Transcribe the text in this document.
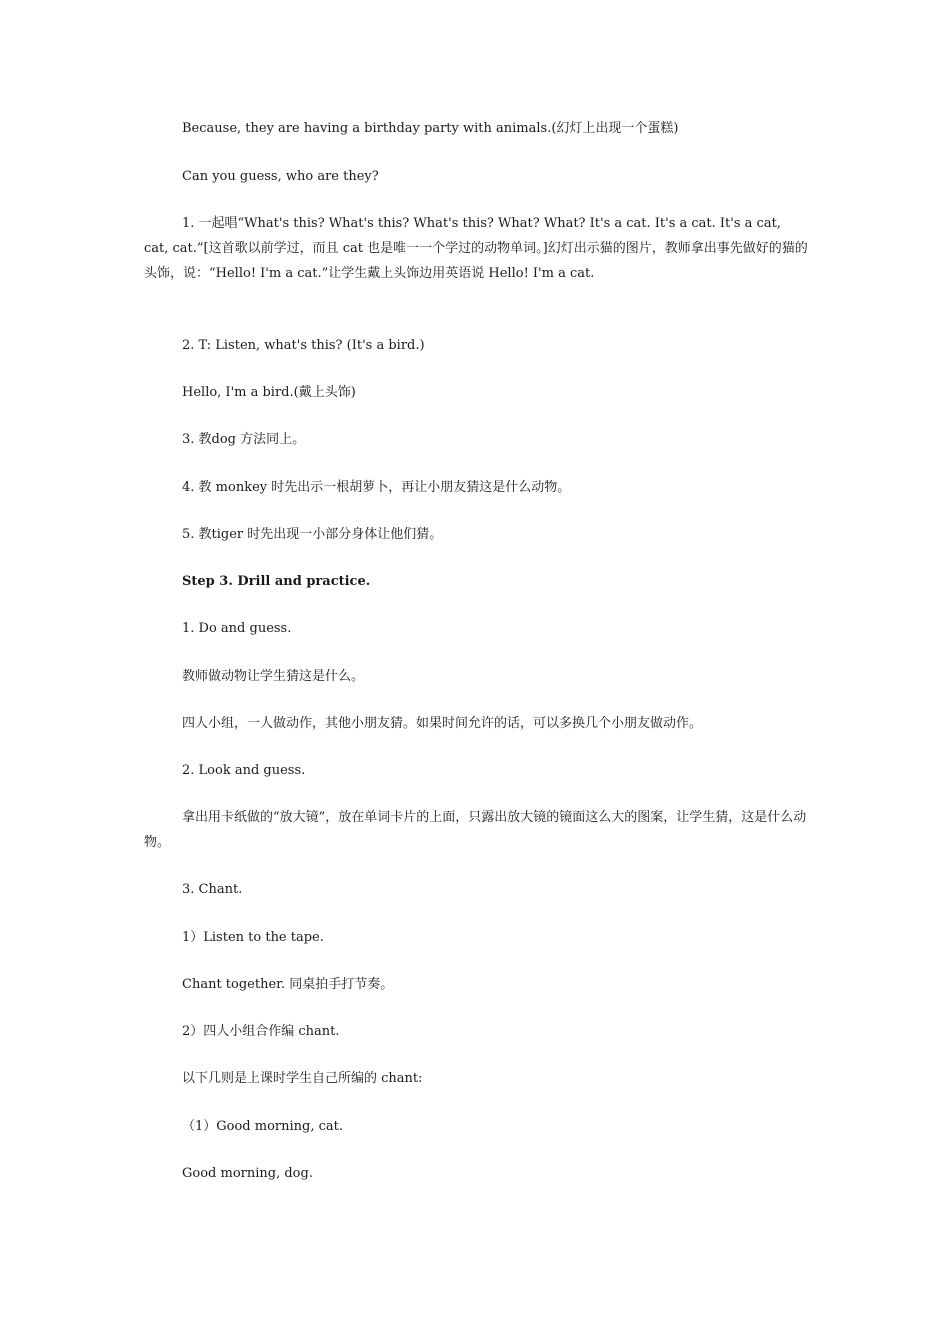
Because, they are having a birthday party with animals.(幻灯上出现一个蛋糕)

Can you guess, who are they?

1. 一起唱“What's this? What's this? What's this? What? What? It's a cat. It's a cat. It's a cat, cat, cat.”[这首歌以前学过，而且 cat 也是唯一一个学过的动物单词。]幻灯出示猫的图片，教师拿出事先做好的猫的头饰，说：“Hello! I'm a cat.”让学生戴上头饰边用英语说 Hello! I'm a cat.

2. T: Listen, what's this? (It's a bird.)

Hello, I'm a bird.(戴上头饰)

3. 教dog 方法同上。

4. 教 monkey 时先出示一根胡萝卜，再让小朋友猜这是什么动物。

5. 教tiger 时先出现一小部分身体让他们猜。

Step 3. Drill and practice.

1. Do and guess.

教师做动物让学生猜这是什么。

四人小组，一人做动作，其他小朋友猜。如果时间允许的话，可以多换几个小朋友做动作。

2. Look and guess.

拿出用卡纸做的“放大镜”，放在单词卡片的上面，只露出放大镜的镜面这么大的图案，让学生猜，这是什么动物。

3. Chant.

1）Listen to the tape.

Chant together. 同桌拍手打节奏。

2）四人小组合作编 chant.

以下几则是上课时学生自己所编的 chant:

（1）Good morning, cat.

Good morning, dog.
